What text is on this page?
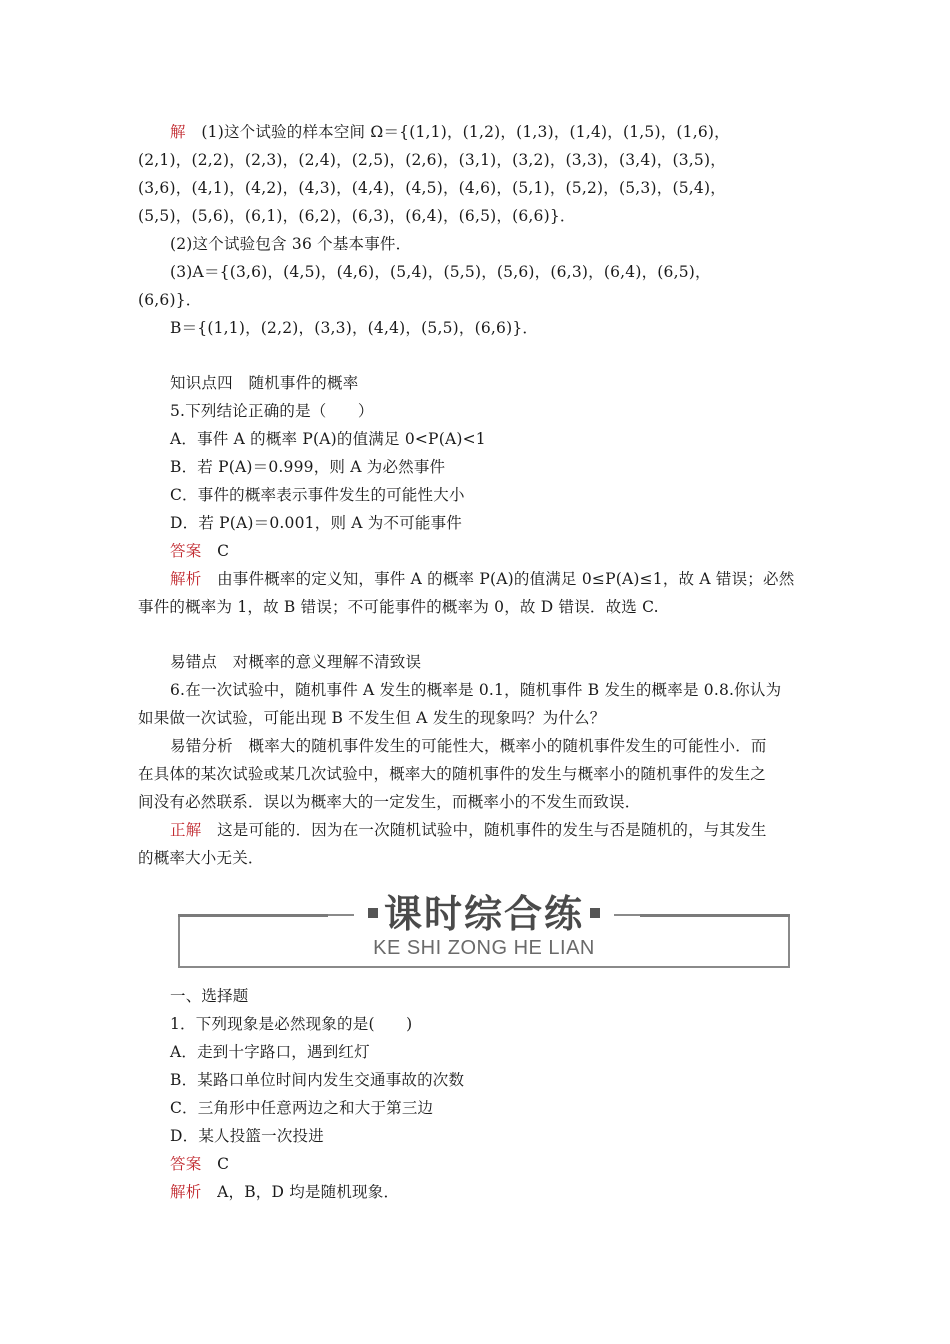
解　(1)这个试验的样本空间 Ω＝{(1,1)，(1,2)，(1,3)，(1,4)，(1,5)，(1,6)，
(2,1)，(2,2)，(2,3)，(2,4)，(2,5)，(2,6)，(3,1)，(3,2)，(3,3)，(3,4)，(3,5)，
(3,6)，(4,1)，(4,2)，(4,3)，(4,4)，(4,5)，(4,6)，(5,1)，(5,2)，(5,3)，(5,4)，
(5,5)，(5,6)，(6,1)，(6,2)，(6,3)，(6,4)，(6,5)，(6,6)}．
(2)这个试验包含 36 个基本事件．
(3)A＝{(3,6)，(4,5)，(4,6)，(5,4)，(5,5)，(5,6)，(6,3)，(6,4)，(6,5)，
(6,6)}．
B＝{(1,1)，(2,2)，(3,3)，(4,4)，(5,5)，(6,6)}．
知识点四　随机事件的概率
5.下列结论正确的是（　　）
A．事件 A 的概率 P(A)的值满足 0<P(A)<1
B．若 P(A)＝0.999，则 A 为必然事件
C．事件的概率表示事件发生的可能性大小
D．若 P(A)＝0.001，则 A 为不可能事件
答案　C
解析　由事件概率的定义知，事件 A 的概率 P(A)的值满足 0≤P(A)≤1，故 A 错误；必然
事件的概率为 1，故 B 错误；不可能事件的概率为 0，故 D 错误．故选 C.
易错点　对概率的意义理解不清致误
6.在一次试验中，随机事件 A 发生的概率是 0.1，随机事件 B 发生的概率是 0.8.你认为
如果做一次试验，可能出现 B 不发生但 A 发生的现象吗？为什么？
易错分析　概率大的随机事件发生的可能性大，概率小的随机事件发生的可能性小．而
在具体的某次试验或某几次试验中，概率大的随机事件的发生与概率小的随机事件的发生之
间没有必然联系．误以为概率大的一定发生，而概率小的不发生而致误．
正解　这是可能的．因为在一次随机试验中，随机事件的发生与否是随机的，与其发生
的概率大小无关．
课时综合练
KE SHI ZONG HE LIAN
一、选择题
1．下列现象是必然现象的是(　　)
A．走到十字路口，遇到红灯
B．某路口单位时间内发生交通事故的次数
C．三角形中任意两边之和大于第三边
D．某人投篮一次投进
答案　C
解析　A，B，D 均是随机现象．
